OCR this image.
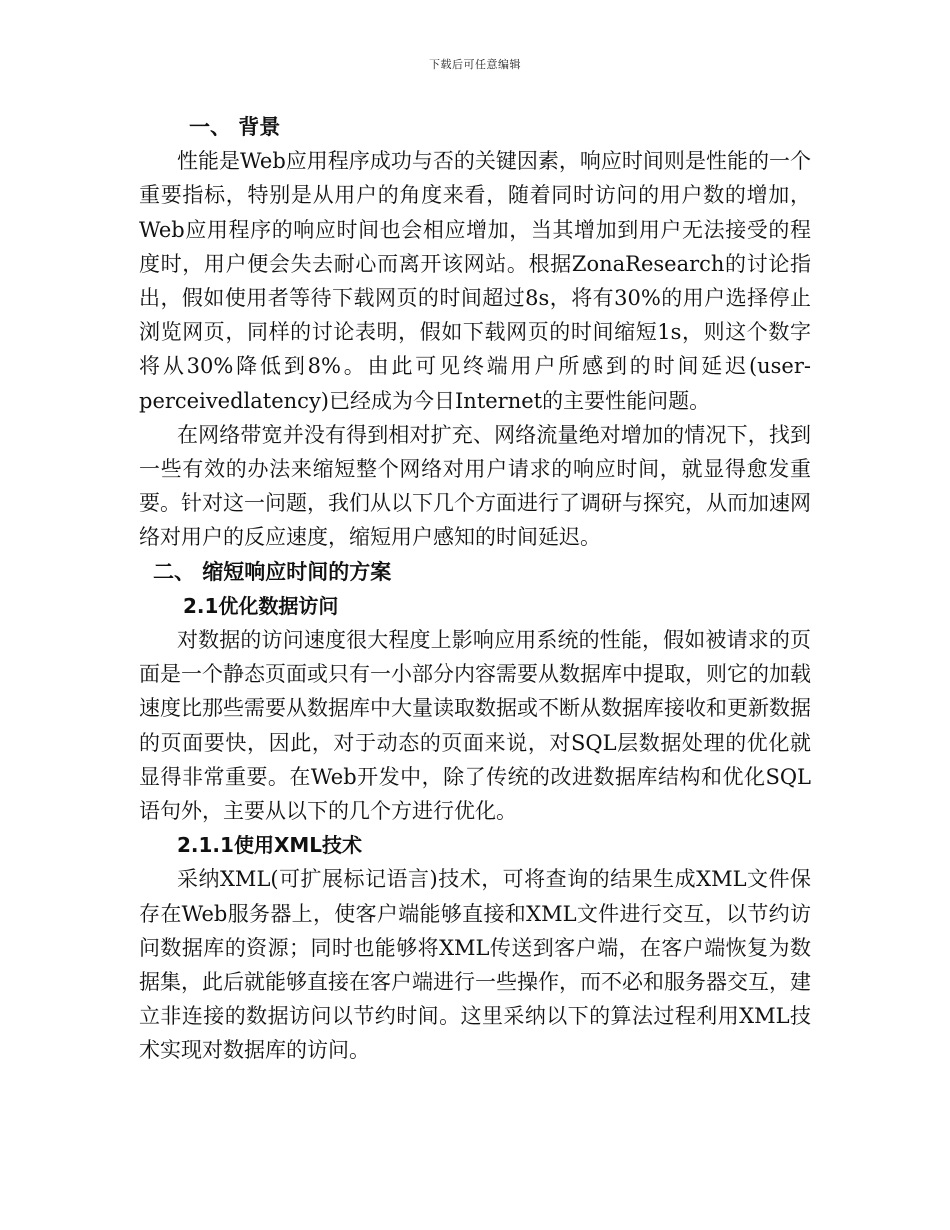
下载后可任意编辑
一、 背景

性能是Web应用程序成功与否的关键因素，响应时间则是性能的一个重要指标，特别是从用户的角度来看，随着同时访问的用户数的增加，Web应用程序的响应时间也会相应增加，当其增加到用户无法接受的程度时，用户便会失去耐心而离开该网站。根据ZonaResearch的讨论指出，假如使用者等待下载网页的时间超过8s，将有30%的用户选择停止浏览网页，同样的讨论表明，假如下载网页的时间缩短1s，则这个数字将从30%降低到8%。由此可见终端用户所感到的时间延迟(user-perceivedlatency)已经成为今日Internet的主要性能问题。

在网络带宽并没有得到相对扩充、网络流量绝对增加的情况下，找到一些有效的办法来缩短整个网络对用户请求的响应时间，就显得愈发重要。针对这一问题，我们从以下几个方面进行了调研与探究，从而加速网络对用户的反应速度，缩短用户感知的时间延迟。

二、 缩短响应时间的方案
2.1优化数据访问

对数据的访问速度很大程度上影响应用系统的性能，假如被请求的页面是一个静态页面或只有一小部分内容需要从数据库中提取，则它的加载速度比那些需要从数据库中大量读取数据或不断从数据库接收和更新数据的页面要快，因此，对于动态的页面来说，对SQL层数据处理的优化就显得非常重要。在Web开发中，除了传统的改进数据库结构和优化SQL语句外，主要从以下的几个方进行优化。

2.1.1使用XML技术

采纳XML(可扩展标记语言)技术，可将查询的结果生成XML文件保存在Web服务器上，使客户端能够直接和XML文件进行交互，以节约访问数据库的资源；同时也能够将XML传送到客户端，在客户端恢复为数据集，此后就能够直接在客户端进行一些操作，而不必和服务器交互，建立非连接的数据访问以节约时间。这里采纳以下的算法过程利用XML技术实现对数据库的访问。
